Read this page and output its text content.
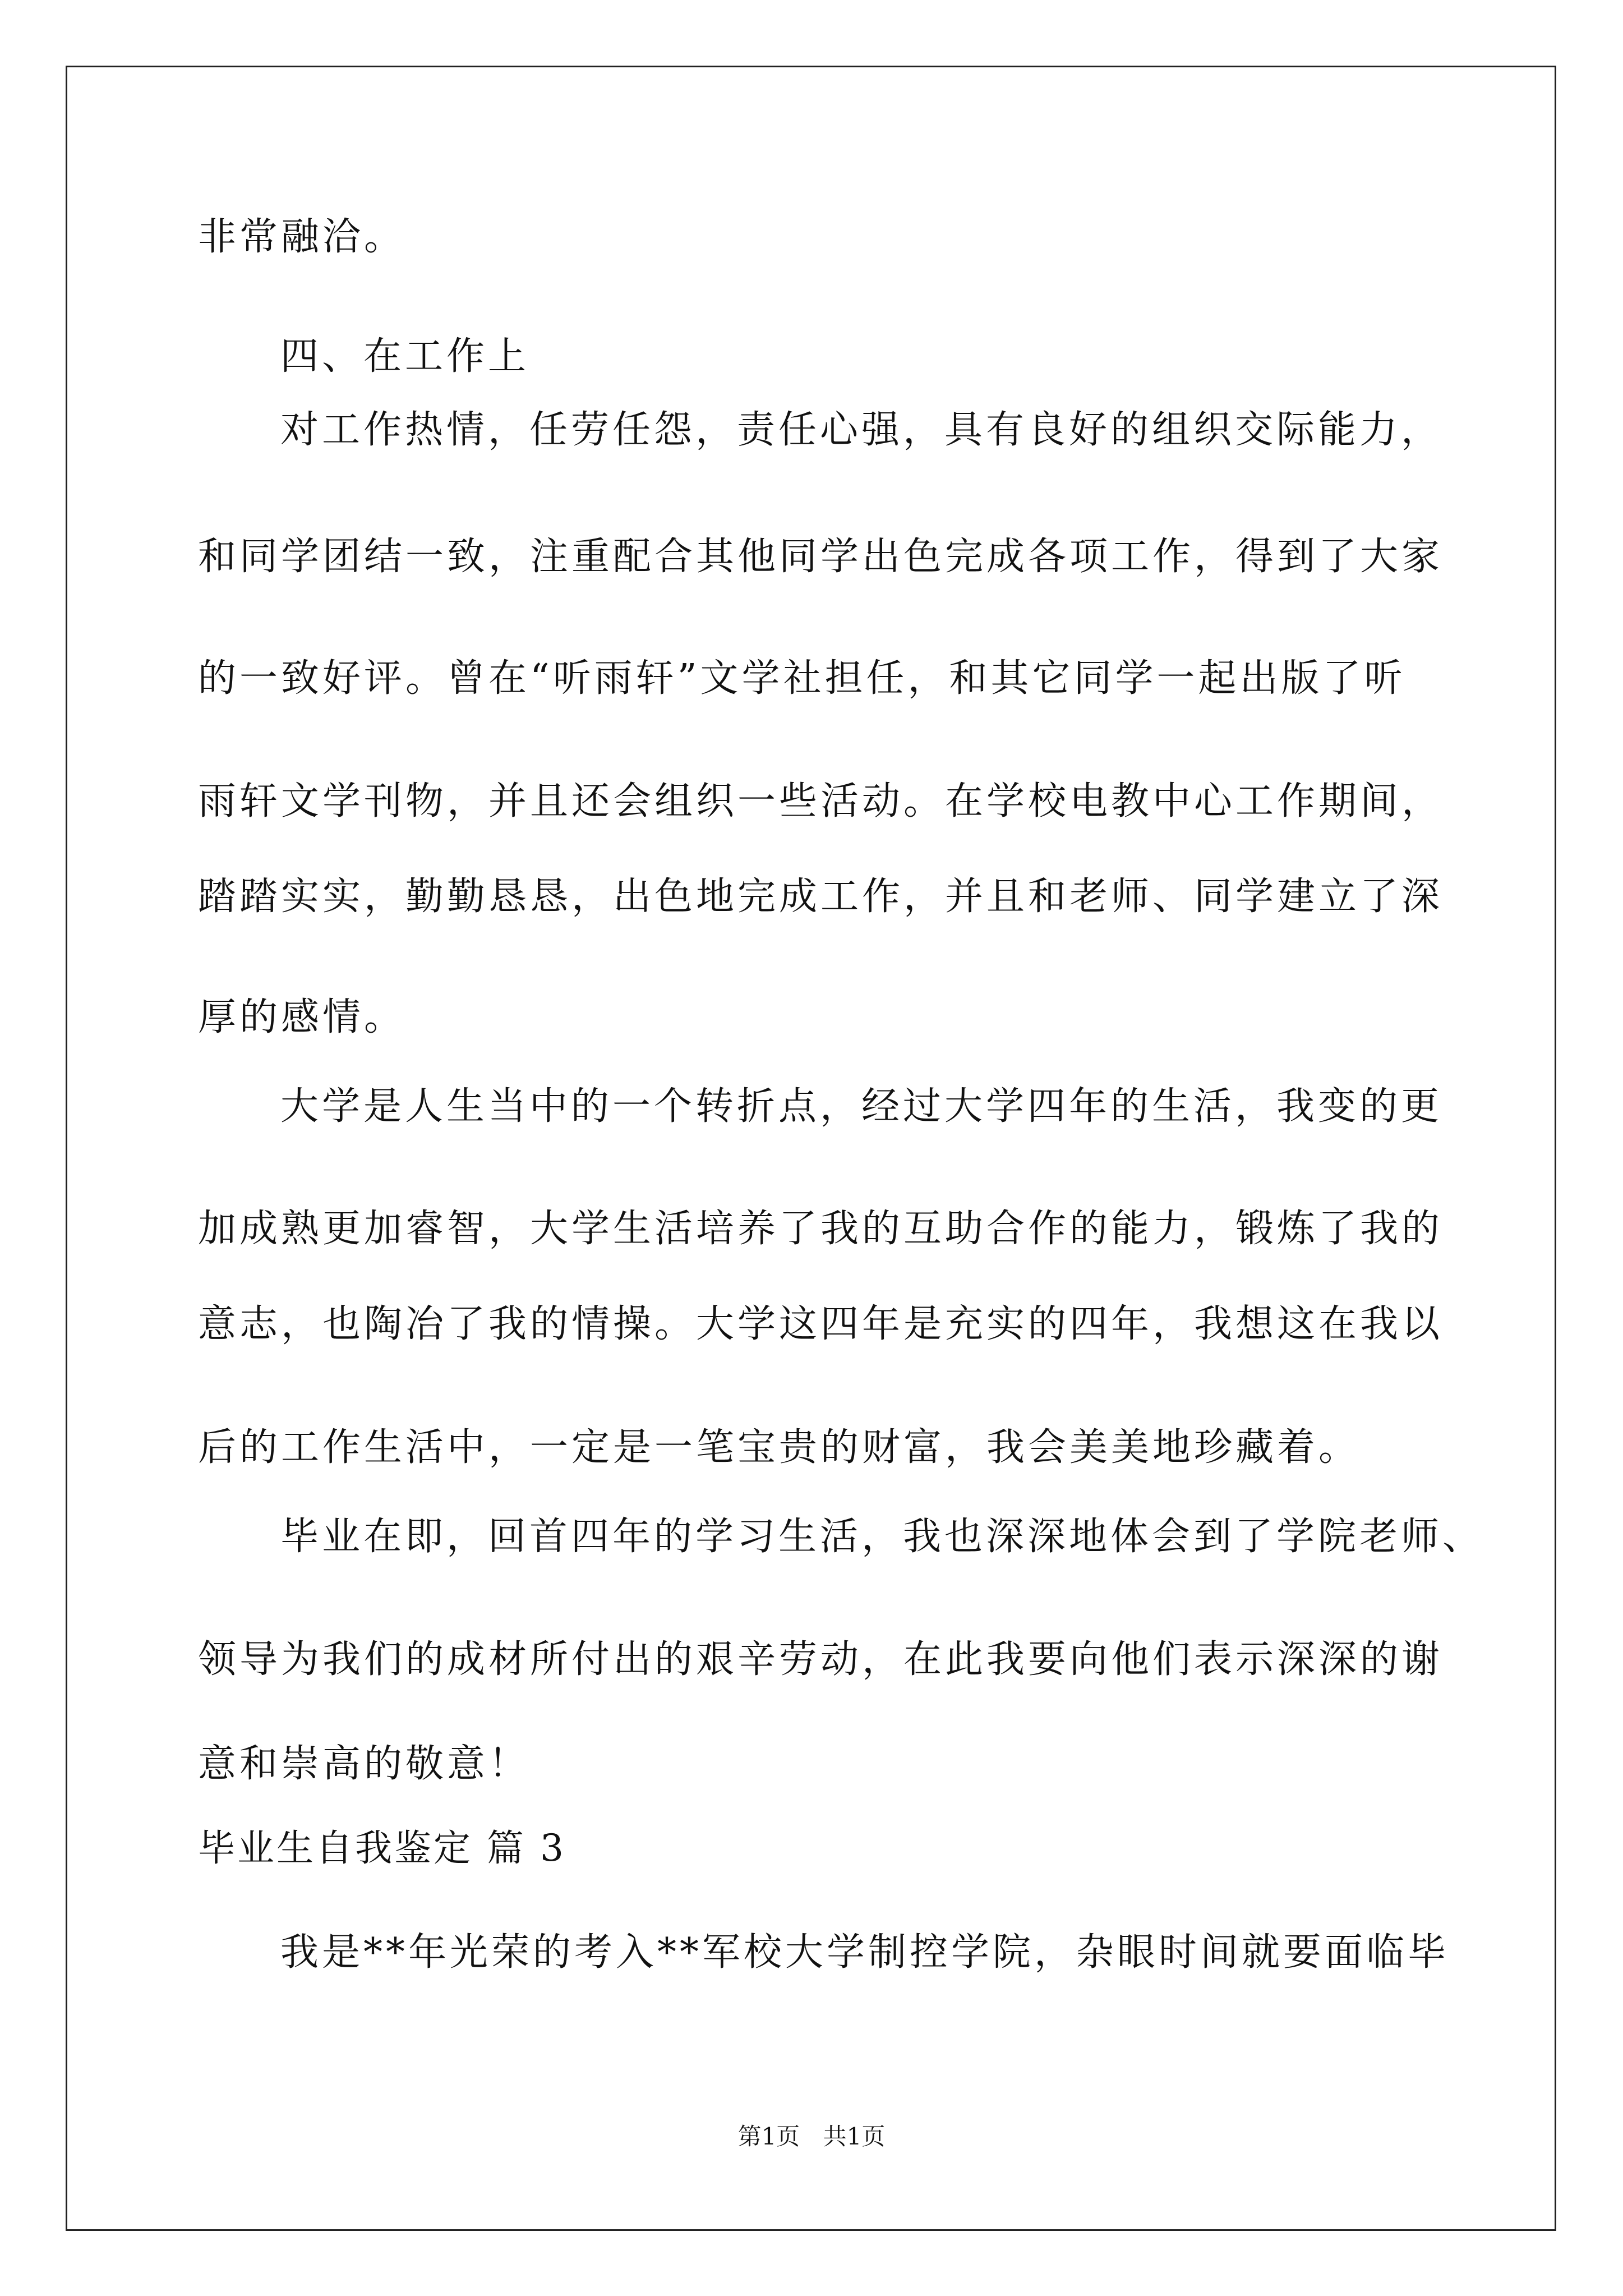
非常融洽。
四、在工作上
对工作热情，任劳任怨，责任心强，具有良好的组织交际能力，
和同学团结一致，注重配合其他同学出色完成各项工作，得到了大家
的一致好评。曾在“听雨轩”文学社担任，和其它同学一起出版了听
雨轩文学刊物，并且还会组织一些活动。在学校电教中心工作期间，
踏踏实实，勤勤恳恳，出色地完成工作，并且和老师、同学建立了深
厚的感情。
大学是人生当中的一个转折点，经过大学四年的生活，我变的更
加成熟更加睿智，大学生活培养了我的互助合作的能力，锻炼了我的
意志，也陶冶了我的情操。大学这四年是充实的四年，我想这在我以
后的工作生活中，一定是一笔宝贵的财富，我会美美地珍藏着。
毕业在即，回首四年的学习生活，我也深深地体会到了学院老师、
领导为我们的成材所付出的艰辛劳动，在此我要向他们表示深深的谢
意和崇高的敬意！
毕业生自我鉴定 篇 3
我是**年光荣的考入**军校大学制控学院，杂眼时间就要面临毕
第1页 共1页
